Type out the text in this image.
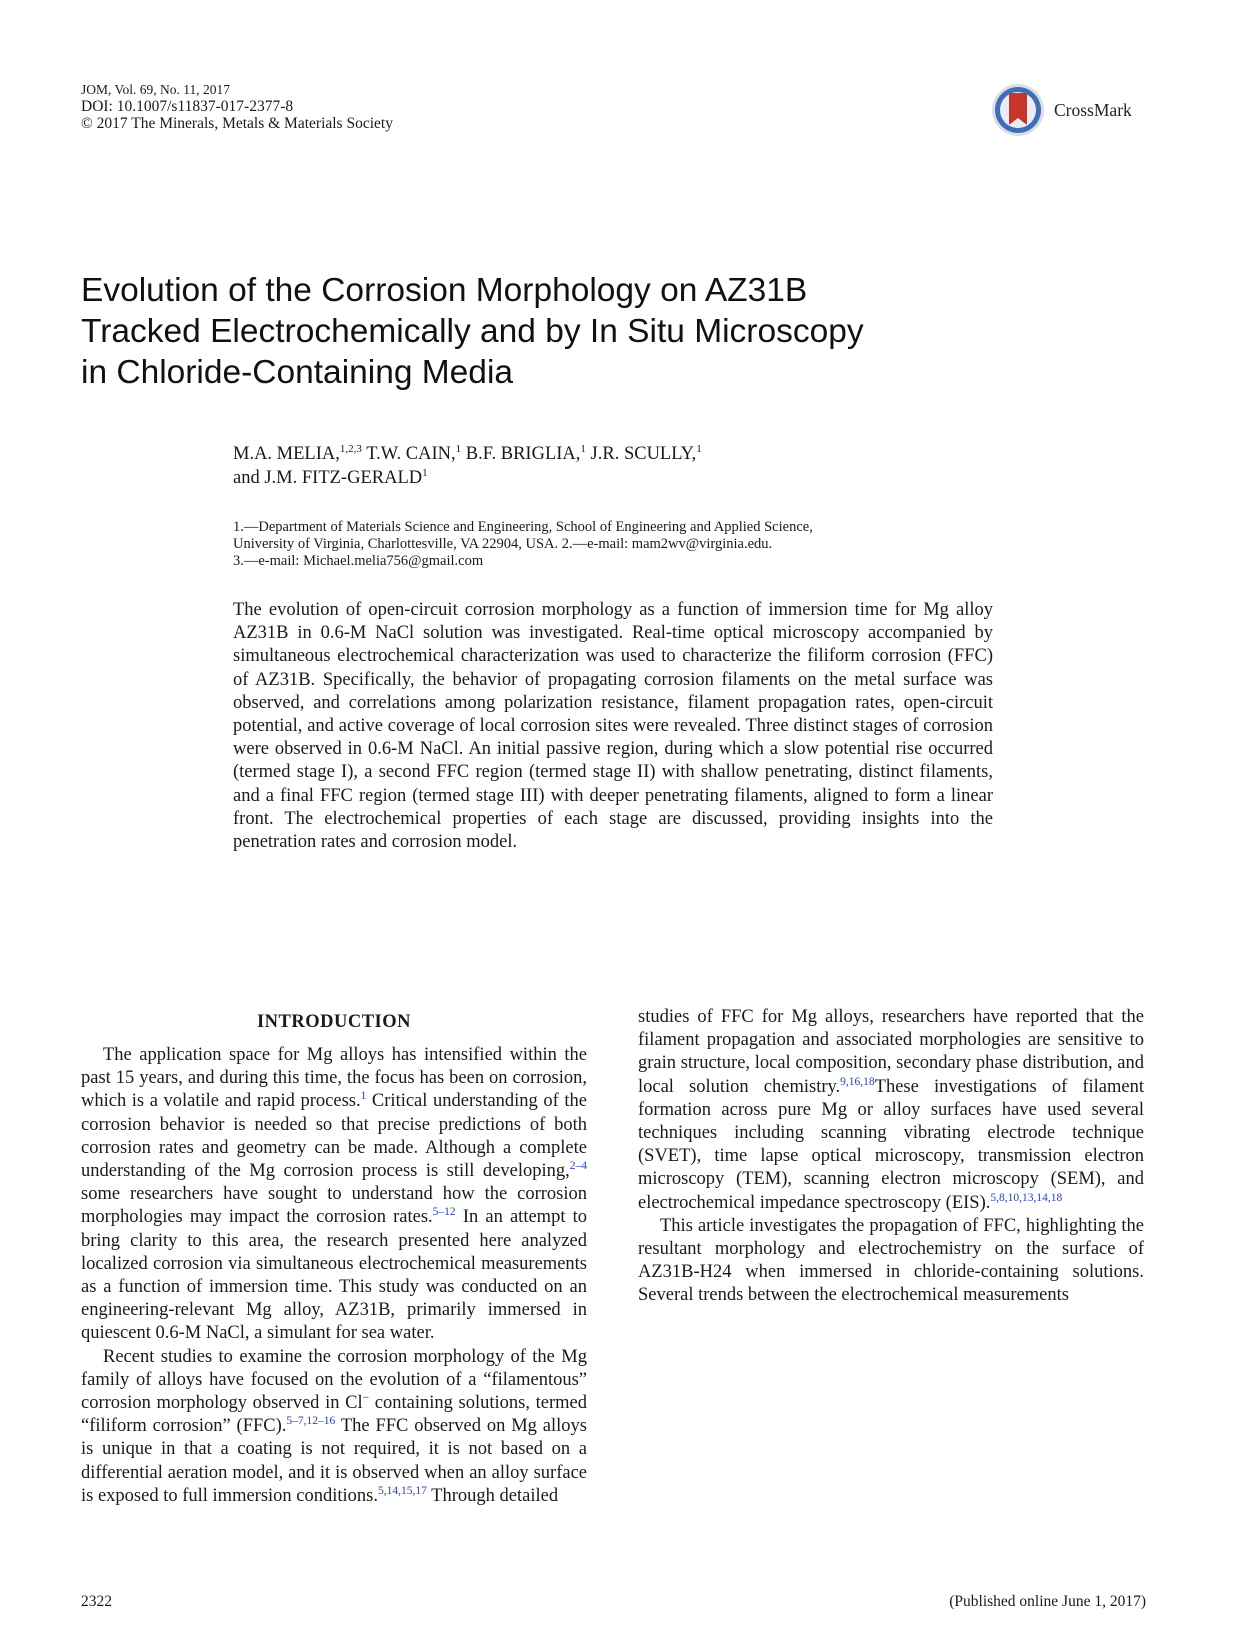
JOM, Vol. 69, No. 11, 2017
DOI: 10.1007/s11837-017-2377-8
© 2017 The Minerals, Metals & Materials Society
CrossMark
Evolution of the Corrosion Morphology on AZ31B
Tracked Electrochemically and by In Situ Microscopy
in Chloride-Containing Media
M.A. MELIA,$^{1,2,3}$ T.W. CAIN,$^1$ B.F. BRIGLIA,$^1$ J.R. SCULLY,$^1$
and J.M. FITZ-GERALD$^1$
1.—Department of Materials Science and Engineering, School of Engineering and Applied Science,
University of Virginia, Charlottesville, VA 22904, USA. 2.—e-mail: mam2wv@virginia.edu.
3.—e-mail: Michael.melia756@gmail.com
The evolution of open-circuit corrosion morphology as a function of immersion time for Mg alloy AZ31B in 0.6-M NaCl solution was investigated. Real-time optical microscopy accompanied by simultaneous electrochemical characterization was used to characterize the filiform corrosion (FFC) of AZ31B. Specifically, the behavior of propagating corrosion filaments on the metal surface was observed, and correlations among polarization resistance, filament propagation rates, open-circuit potential, and active coverage of local corrosion sites were revealed. Three distinct stages of corrosion were observed in 0.6-M NaCl. An initial passive region, during which a slow potential rise occurred (termed stage I), a second FFC region (termed stage II) with shallow penetrating, distinct filaments, and a final FFC region (termed stage III) with deeper penetrating filaments, aligned to form a linear front. The electrochemical properties of each stage are discussed, providing insights into the penetration rates and corrosion model.
INTRODUCTION

The application space for Mg alloys has intensified within the past 15 years, and during this time, the focus has been on corrosion, which is a volatile and rapid process.$^1$ Critical understanding of the corrosion behavior is needed so that precise predictions of both corrosion rates and geometry can be made. Although a complete understanding of the Mg corrosion process is still developing,$^{2-4}$ some researchers have sought to understand how the corrosion morphologies may impact the corrosion rates.$^{5-12}$ In an attempt to bring clarity to this area, the research presented here analyzed localized corrosion via simultaneous electrochemical measurements as a function of immersion time. This study was conducted on an engineering-relevant Mg alloy, AZ31B, primarily immersed in quiescent 0.6-M NaCl, a simulant for sea water.

Recent studies to examine the corrosion morphology of the Mg family of alloys have focused on the evolution of a “filamentous” corrosion morphology observed in Cl− containing solutions, termed “filiform corrosion” (FFC).$^{5-7,12-16}$ The FFC observed on Mg alloys is unique in that a coating is not required, it is not based on a differential aeration model, and it is observed when an alloy surface is exposed to full immersion conditions.$^{5,14,15,17}$ Through detailed

studies of FFC for Mg alloys, researchers have reported that the filament propagation and associated morphologies are sensitive to grain structure, local composition, secondary phase distribution, and local solution chemistry.$^{9,16,18}$These investigations of filament formation across pure Mg or alloy surfaces have used several techniques including scanning vibrating electrode technique (SVET), time lapse optical microscopy, transmission electron microscopy (TEM), scanning electron microscopy (SEM), and electrochemical impedance spectroscopy (EIS).$^{5,8,10,13,14,18}$

This article investigates the propagation of FFC, highlighting the resultant morphology and electrochemistry on the surface of AZ31B-H24 when immersed in chloride-containing solutions. Several trends between the electrochemical measurements

2322	(Published online June 1, 2017)
